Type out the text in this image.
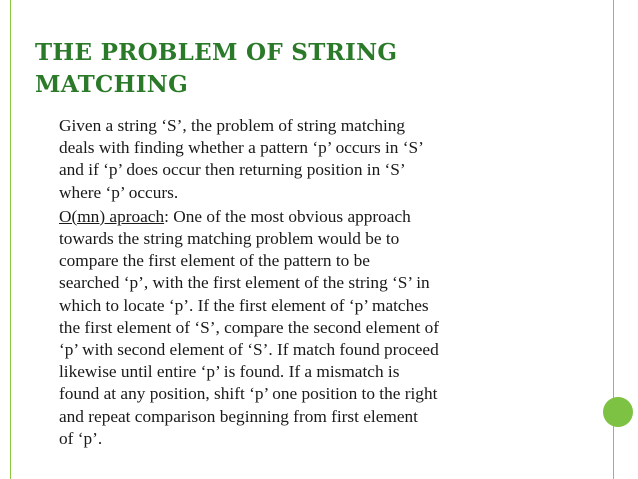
THE PROBLEM OF STRING
MATCHING
Given a string ‘S’, the problem of string matching
deals with finding whether a pattern ‘p’ occurs in ‘S’
and if ‘p’ does occur then returning position in ‘S’
where ‘p’ occurs.
O(mn) aproach: One of the most obvious approach
towards the string matching problem would be to
compare the first element of the pattern to be
searched ‘p’, with the first element of the string ‘S’ in
which to locate ‘p’. If the first element of ‘p’ matches
the first element of ‘S’, compare the second element of
‘p’ with second element of ‘S’. If match found proceed
likewise until entire ‘p’ is found. If a mismatch is
found at any position, shift ‘p’ one position to the right
and repeat comparison beginning from first element
of ‘p’.
